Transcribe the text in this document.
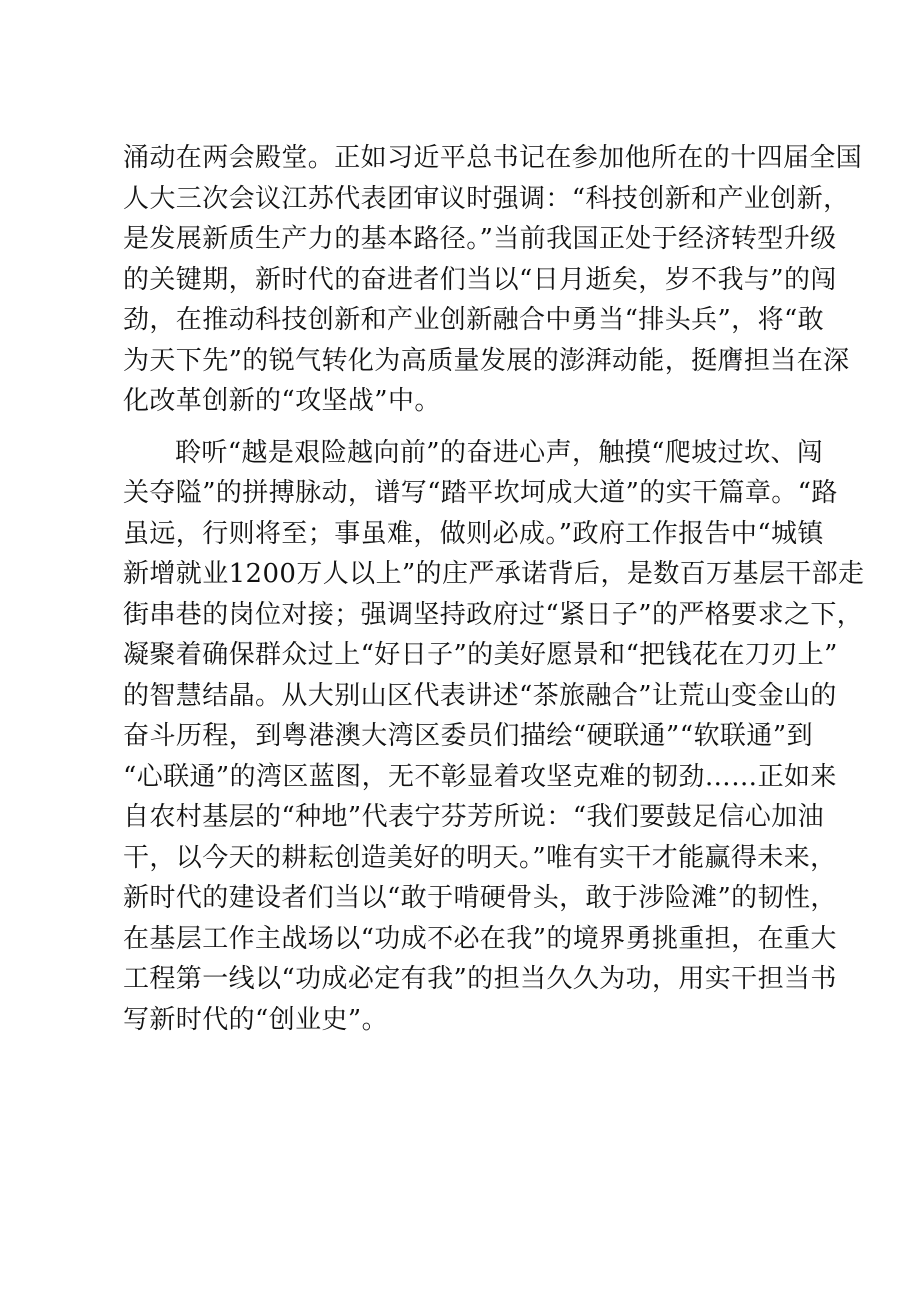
涌动在两会殿堂。正如习近平总书记在参加他所在的十四届全国
人大三次会议江苏代表团审议时强调：“科技创新和产业创新，
是发展新质生产力的基本路径。”当前我国正处于经济转型升级
的关键期，新时代的奋进者们当以“日月逝矣，岁不我与”的闯
劲，在推动科技创新和产业创新融合中勇当“排头兵”，将“敢
为天下先”的锐气转化为高质量发展的澎湃动能，挺膺担当在深
化改革创新的“攻坚战”中。
聆听“越是艰险越向前”的奋进心声，触摸“爬坡过坎、闯
关夺隘”的拼搏脉动，谱写“踏平坎坷成大道”的实干篇章。“路
虽远，行则将至；事虽难，做则必成。”政府工作报告中“城镇
新增就业1200万人以上”的庄严承诺背后，是数百万基层干部走
街串巷的岗位对接；强调坚持政府过“紧日子”的严格要求之下，
凝聚着确保群众过上“好日子”的美好愿景和“把钱花在刀刃上”
的智慧结晶。从大别山区代表讲述“茶旅融合”让荒山变金山的
奋斗历程，到粤港澳大湾区委员们描绘“硬联通”“软联通”到
“心联通”的湾区蓝图，无不彰显着攻坚克难的韧劲……正如来
自农村基层的“种地”代表宁芬芳所说：“我们要鼓足信心加油
干，以今天的耕耘创造美好的明天。”唯有实干才能赢得未来，
新时代的建设者们当以“敢于啃硬骨头，敢于涉险滩”的韧性，
在基层工作主战场以“功成不必在我”的境界勇挑重担，在重大
工程第一线以“功成必定有我”的担当久久为功，用实干担当书
写新时代的“创业史”。
